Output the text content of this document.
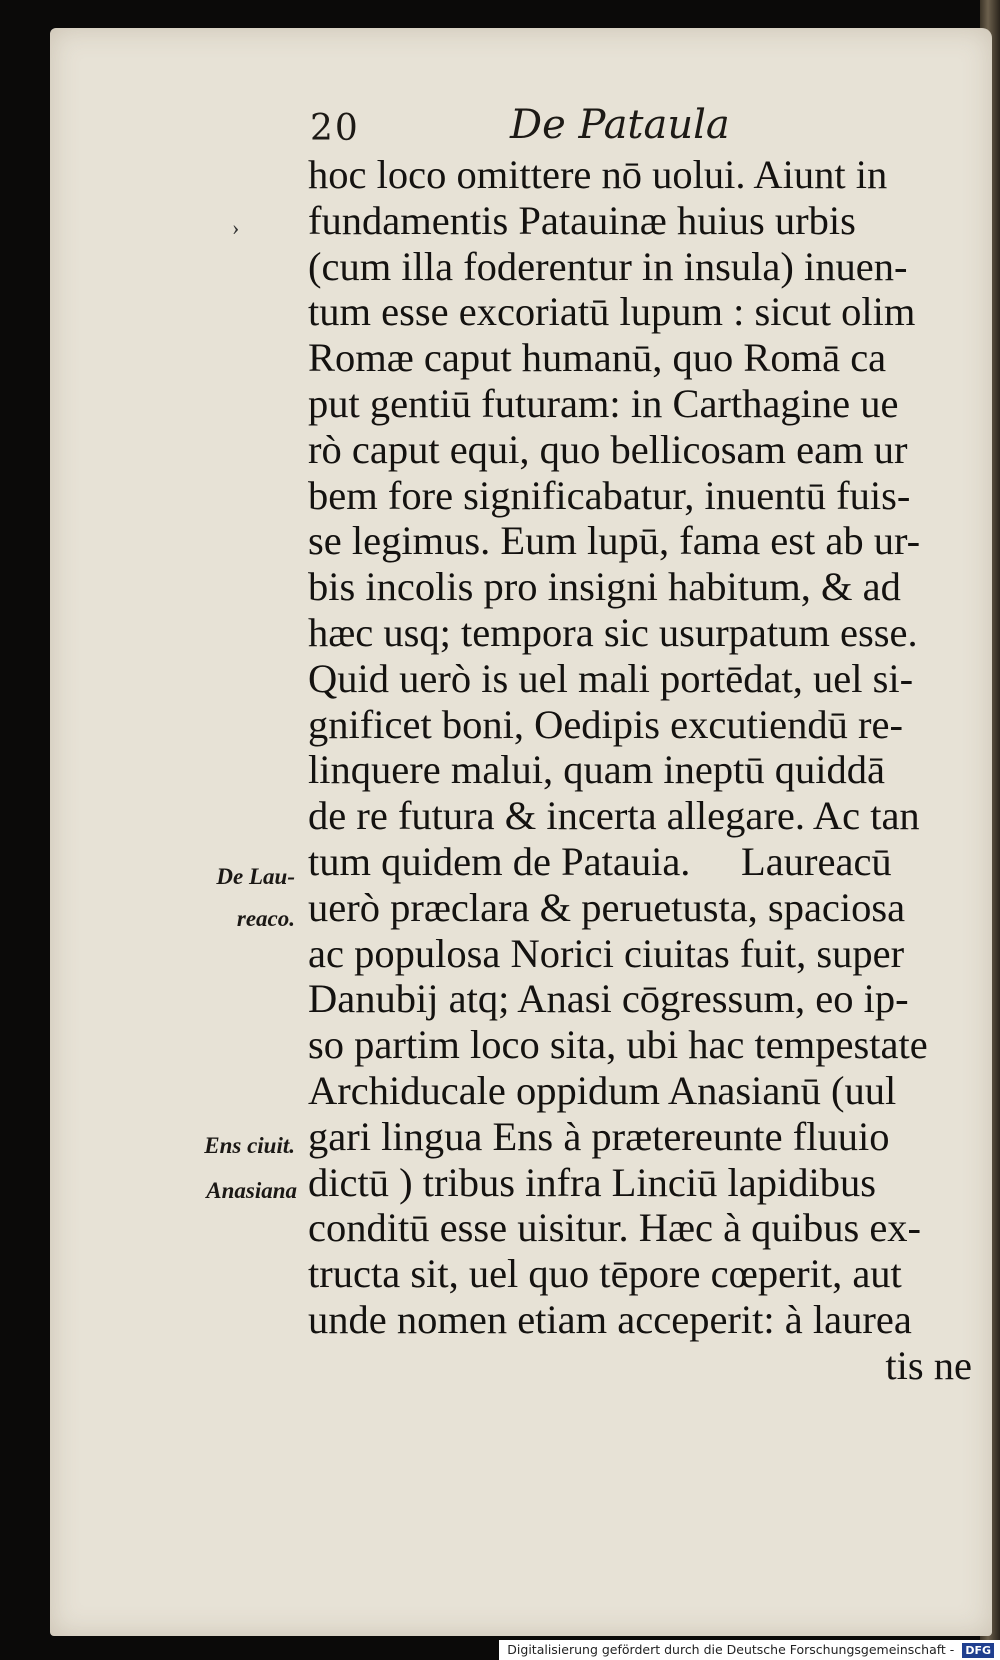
20	De Pataula
›
hoc loco omittere nō uolui. Aiunt in
fundamentis Patauinæ huius urbis
(cum illa foderentur in insula) inuen-
tum esse excoriatū lupum : sicut olim
Romæ caput humanū, quo Romā ca
put gentiū futuram: in Carthagine ue
rò caput equi, quo bellicosam eam ur
bem fore significabatur, inuentū fuis-
se legimus. Eum lupū, fama est ab ur-
bis incolis pro insigni habitum, & ad
hæc usq; tempora sic usurpatum esse.
Quid uerò is uel mali portēdat, uel si-
gnificet boni, Oedipis excutiendū re-
linquere malui, quam ineptū quiddā
de re futura & incerta allegare. Ac tan
tum quidem de Patauia.     Laureacū
uerò præclara & peruetusta, spaciosa
ac populosa Norici ciuitas fuit, super
Danubij atq; Anasi cōgressum, eo ip-
so partim loco sita, ubi hac tempestate
Archiducale oppidum Anasianū (uul
gari lingua Ens à prætereunte fluuio
dictū ) tribus infra Linciū lapidibus
conditū esse uisitur. Hæc à quibus ex-
tructa sit, uel quo tēpore cœperit, aut
unde nomen etiam acceperit: à laurea
tis ne
De Lau-
reaco.
Ens ciuit.
Anasiana
Digitalisierung gefördert durch die Deutsche Forschungsgemeinschaft - DFG
